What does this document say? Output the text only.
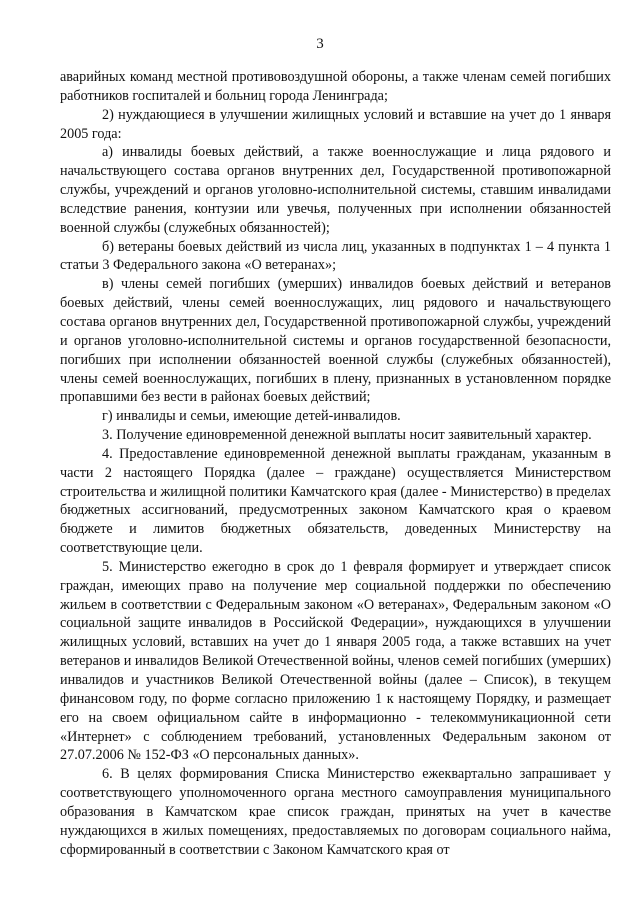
3

аварийных команд местной противовоздушной обороны, а также членам семей погибших работников госпиталей и больниц города Ленинграда;

2) нуждающиеся в улучшении жилищных условий и вставшие на учет до 1 января 2005 года:

а) инвалиды боевых действий, а также военнослужащие и лица рядового и начальствующего состава органов внутренних дел, Государственной противопожарной службы, учреждений и органов уголовно-исполнительной системы, ставшим инвалидами вследствие ранения, контузии или увечья, полученных при исполнении обязанностей военной службы (служебных обязанностей);

б) ветераны боевых действий из числа лиц, указанных в подпунктах 1 – 4 пункта 1 статьи 3 Федерального закона «О ветеранах»;

в) члены семей погибших (умерших) инвалидов боевых действий и ветеранов боевых действий, члены семей военнослужащих, лиц рядового и начальствующего состава органов внутренних дел, Государственной противопожарной службы, учреждений и органов уголовно-исполнительной системы и органов государственной безопасности, погибших при исполнении обязанностей военной службы (служебных обязанностей), члены семей военнослужащих, погибших в плену, признанных в установленном порядке пропавшими без вести в районах боевых действий;

г) инвалиды и семьи, имеющие детей-инвалидов.

3. Получение единовременной денежной выплаты носит заявительный характер.

4. Предоставление единовременной денежной выплаты гражданам, указанным в части 2 настоящего Порядка (далее – граждане) осуществляется Министерством строительства и жилищной политики Камчатского края (далее - Министерство) в пределах бюджетных ассигнований, предусмотренных законом Камчатского края о краевом бюджете и лимитов бюджетных обязательств, доведенных Министерству на соответствующие цели.

5. Министерство ежегодно в срок до 1 февраля формирует и утверждает список граждан, имеющих право на получение мер социальной поддержки по обеспечению жильем в соответствии с Федеральным законом «О ветеранах», Федеральным законом «О социальной защите инвалидов в Российской Федерации», нуждающихся в улучшении жилищных условий, вставших на учет до 1 января 2005 года, а также вставших на учет ветеранов и инвалидов Великой Отечественной войны, членов семей погибших (умерших) инвалидов и участников Великой Отечественной войны (далее – Список), в текущем финансовом году, по форме согласно приложению 1 к настоящему Порядку, и размещает его на своем официальном сайте в информационно - телекоммуникационной сети «Интернет» с соблюдением требований, установленных Федеральным законом от 27.07.2006 № 152-ФЗ «О персональных данных».

6. В целях формирования Списка Министерство ежеквартально запрашивает у соответствующего уполномоченного органа местного самоуправления муниципального образования в Камчатском крае список граждан, принятых на учет в качестве нуждающихся в жилых помещениях, предоставляемых по договорам социального найма, сформированный в соответствии с Законом Камчатского края от
